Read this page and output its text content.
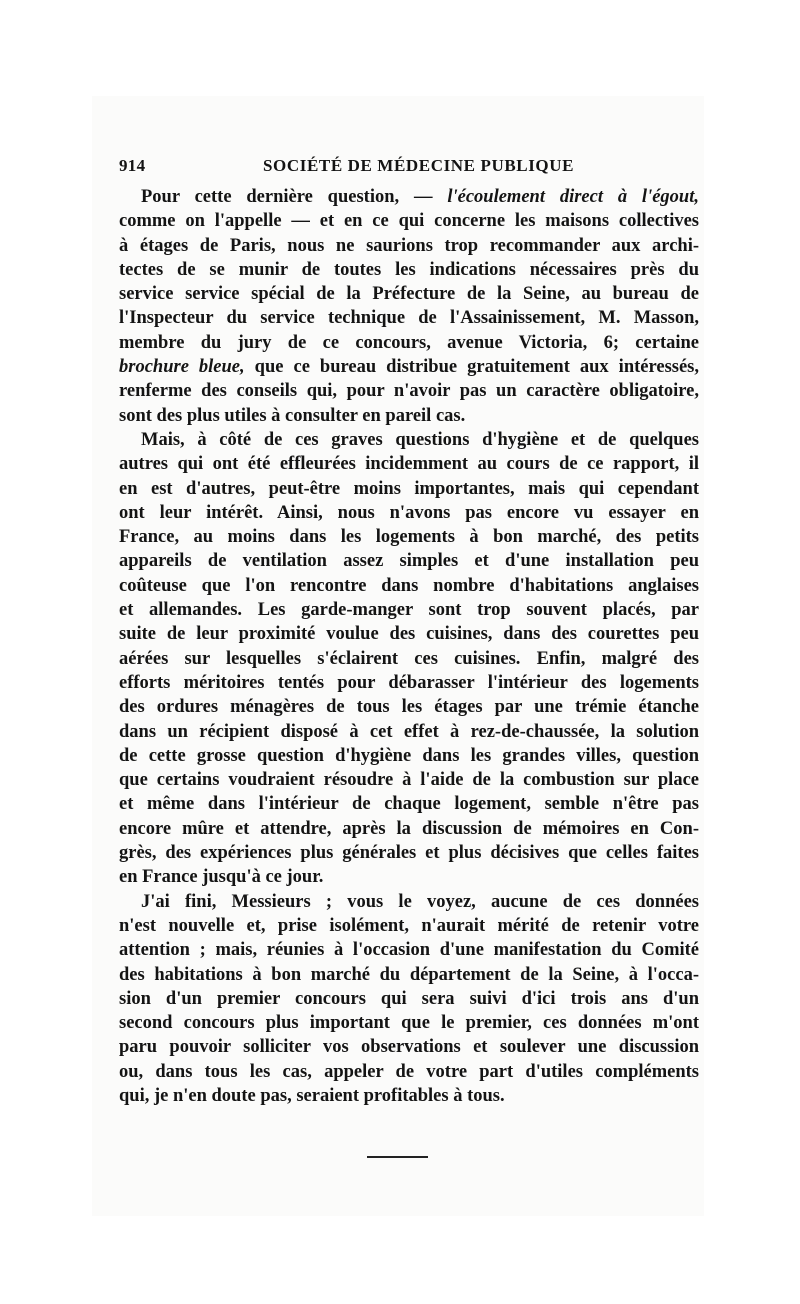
914	SOCIÉTÉ DE MÉDECINE PUBLIQUE
Pour cette dernière question, — l'écoulement direct à l'égout,
comme on l'appelle — et en ce qui concerne les maisons collectives
à étages de Paris, nous ne saurions trop recommander aux archi-
tectes de se munir de toutes les indications nécessaires près du
service service spécial de la Préfecture de la Seine, au bureau de
l'Inspecteur du service technique de l'Assainissement, M. Masson,
membre du jury de ce concours, avenue Victoria, 6; certaine
brochure bleue, que ce bureau distribue gratuitement aux intéressés,
renferme des conseils qui, pour n'avoir pas un caractère obligatoire,
sont des plus utiles à consulter en pareil cas.
Mais, à côté de ces graves questions d'hygiène et de quelques
autres qui ont été effleurées incidemment au cours de ce rapport, il
en est d'autres, peut-être moins importantes, mais qui cependant
ont leur intérêt. Ainsi, nous n'avons pas encore vu essayer en
France, au moins dans les logements à bon marché, des petits
appareils de ventilation assez simples et d'une installation peu
coûteuse que l'on rencontre dans nombre d'habitations anglaises
et allemandes. Les garde-manger sont trop souvent placés, par
suite de leur proximité voulue des cuisines, dans des courettes peu
aérées sur lesquelles s'éclairent ces cuisines. Enfin, malgré des
efforts méritoires tentés pour débarasser l'intérieur des logements
des ordures ménagères de tous les étages par une trémie étanche
dans un récipient disposé à cet effet à rez-de-chaussée, la solution
de cette grosse question d'hygiène dans les grandes villes, question
que certains voudraient résoudre à l'aide de la combustion sur place
et même dans l'intérieur de chaque logement, semble n'être pas
encore mûre et attendre, après la discussion de mémoires en Con-
grès, des expériences plus générales et plus décisives que celles faites
en France jusqu'à ce jour.
J'ai fini, Messieurs ; vous le voyez, aucune de ces données
n'est nouvelle et, prise isolément, n'aurait mérité de retenir votre
attention ; mais, réunies à l'occasion d'une manifestation du Comité
des habitations à bon marché du département de la Seine, à l'occa-
sion d'un premier concours qui sera suivi d'ici trois ans d'un
second concours plus important que le premier, ces données m'ont
paru pouvoir solliciter vos observations et soulever une discussion
ou, dans tous les cas, appeler de votre part d'utiles compléments
qui, je n'en doute pas, seraient profitables à tous.
